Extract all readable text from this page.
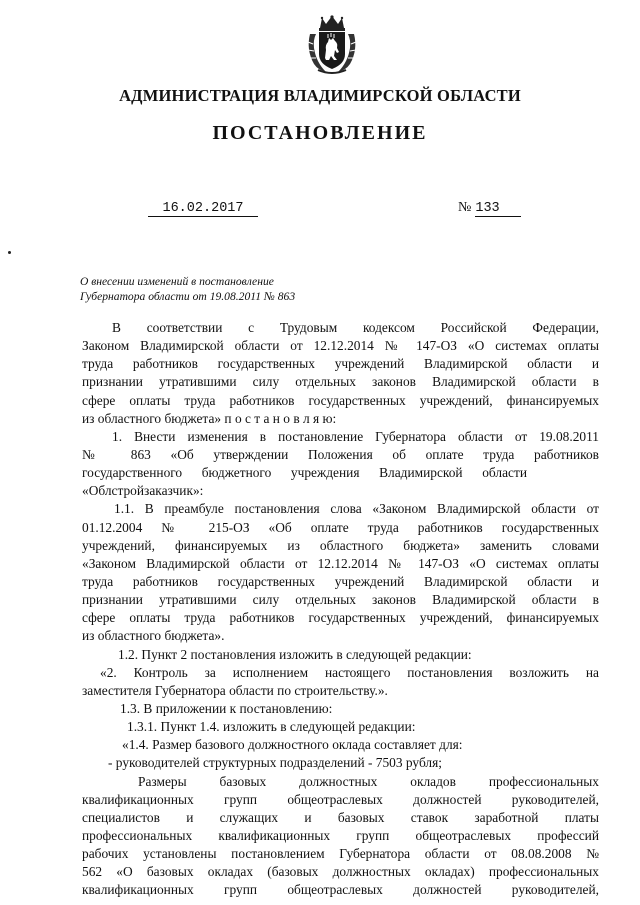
АДМИНИСТРАЦИЯ ВЛАДИМИРСКОЙ ОБЛАСТИ
ПОСТАНОВЛЕНИЕ
16.02.2017	№ 133
О внесении изменений в постановление
Губернатора области от 19.08.2011 № 863
В соответствии с Трудовым кодексом Российской Федерации,
Законом Владимирской области от 12.12.2014 № 147-ОЗ «О системах оплаты
труда работников государственных учреждений Владимирской области и
признании утратившими силу отдельных законов Владимирской области в
сфере оплаты труда работников государственных учреждений, финансируемых
из областного бюджета» п о с т а н о в л я ю:
1. Внести изменения в постановление Губернатора области от 19.08.2011
№ 863 «Об утверждении Положения об оплате труда работников
государственного бюджетного учреждения Владимирской области
«Облстройзаказчик»:
1.1. В преамбуле постановления слова «Законом Владимирской области от
01.12.2004 № 215-ОЗ «Об оплате труда работников государственных
учреждений, финансируемых из областного бюджета» заменить словами
«Законом Владимирской области от 12.12.2014 № 147-ОЗ «О системах оплаты
труда работников государственных учреждений Владимирской области и
признании утратившими силу отдельных законов Владимирской области в
сфере оплаты труда работников государственных учреждений, финансируемых
из областного бюджета».
1.2. Пункт 2 постановления изложить в следующей редакции:
«2. Контроль за исполнением настоящего постановления возложить на
заместителя Губернатора области по строительству.».
1.3. В приложении к постановлению:
1.3.1. Пункт 1.4. изложить в следующей редакции:
«1.4. Размер базового должностного оклада составляет для:
- руководителей структурных подразделений - 7503 рубля;
Размеры базовых должностных окладов профессиональных
квалификационных групп общеотраслевых должностей руководителей,
специалистов и служащих и базовых ставок заработной платы
профессиональных квалификационных групп общеотраслевых профессий
рабочих установлены постановлением Губернатора области от 08.08.2008 №
562 «О базовых окладах (базовых должностных окладах) профессиональных
квалификационных групп общеотраслевых должностей руководителей,
